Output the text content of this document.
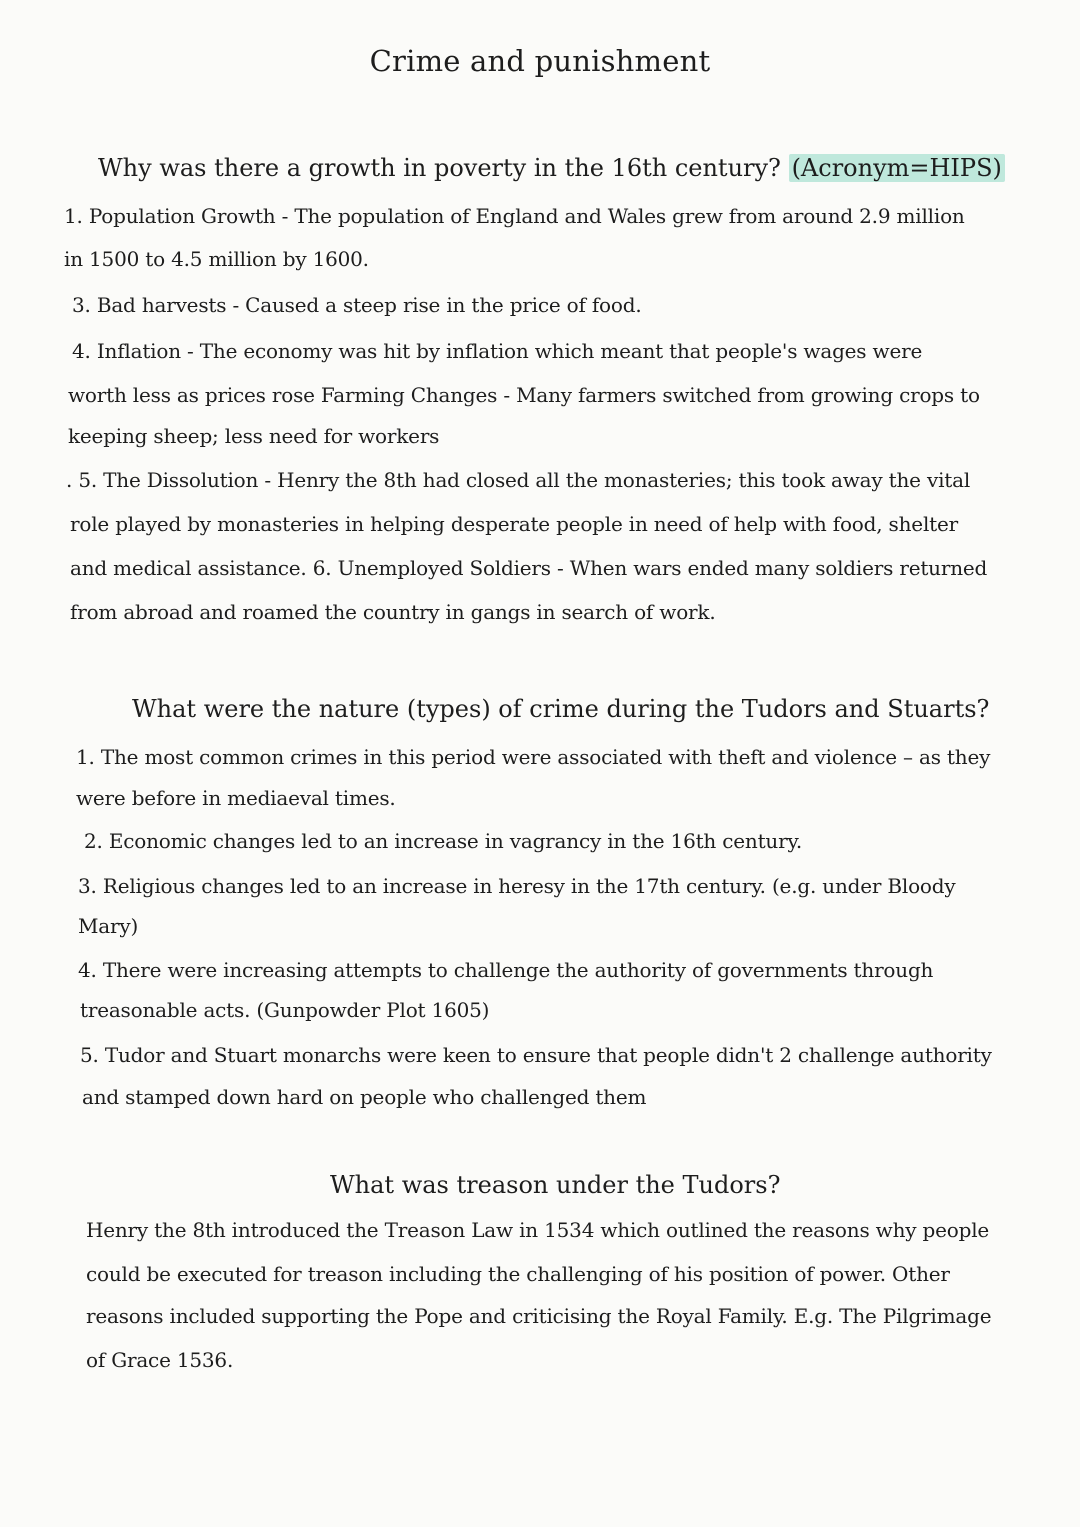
Crime and punishment
Why was there a growth in poverty in the 16th century? (Acronym=HIPS)
1. Population Growth - The population of England and Wales grew from around 2.9 million
in 1500 to 4.5 million by 1600.
3. Bad harvests - Caused a steep rise in the price of food.
4. Inflation - The economy was hit by inflation which meant that people's wages were
worth less as prices rose Farming Changes - Many farmers switched from growing crops to
keeping sheep; less need for workers
. 5. The Dissolution - Henry the 8th had closed all the monasteries; this took away the vital
role played by monasteries in helping desperate people in need of help with food, shelter
and medical assistance. 6. Unemployed Soldiers - When wars ended many soldiers returned
from abroad and roamed the country in gangs in search of work.
What were the nature (types) of crime during the Tudors and Stuarts?
1. The most common crimes in this period were associated with theft and violence – as they
were before in mediaeval times.
2. Economic changes led to an increase in vagrancy in the 16th century.
3. Religious changes led to an increase in heresy in the 17th century. (e.g. under Bloody
Mary)
4. There were increasing attempts to challenge the authority of governments through
treasonable acts. (Gunpowder Plot 1605)
5. Tudor and Stuart monarchs were keen to ensure that people didn't 2 challenge authority
and stamped down hard on people who challenged them
What was treason under the Tudors?
Henry the 8th introduced the Treason Law in 1534 which outlined the reasons why people
could be executed for treason including the challenging of his position of power. Other
reasons included supporting the Pope and criticising the Royal Family. E.g. The Pilgrimage
of Grace 1536.
